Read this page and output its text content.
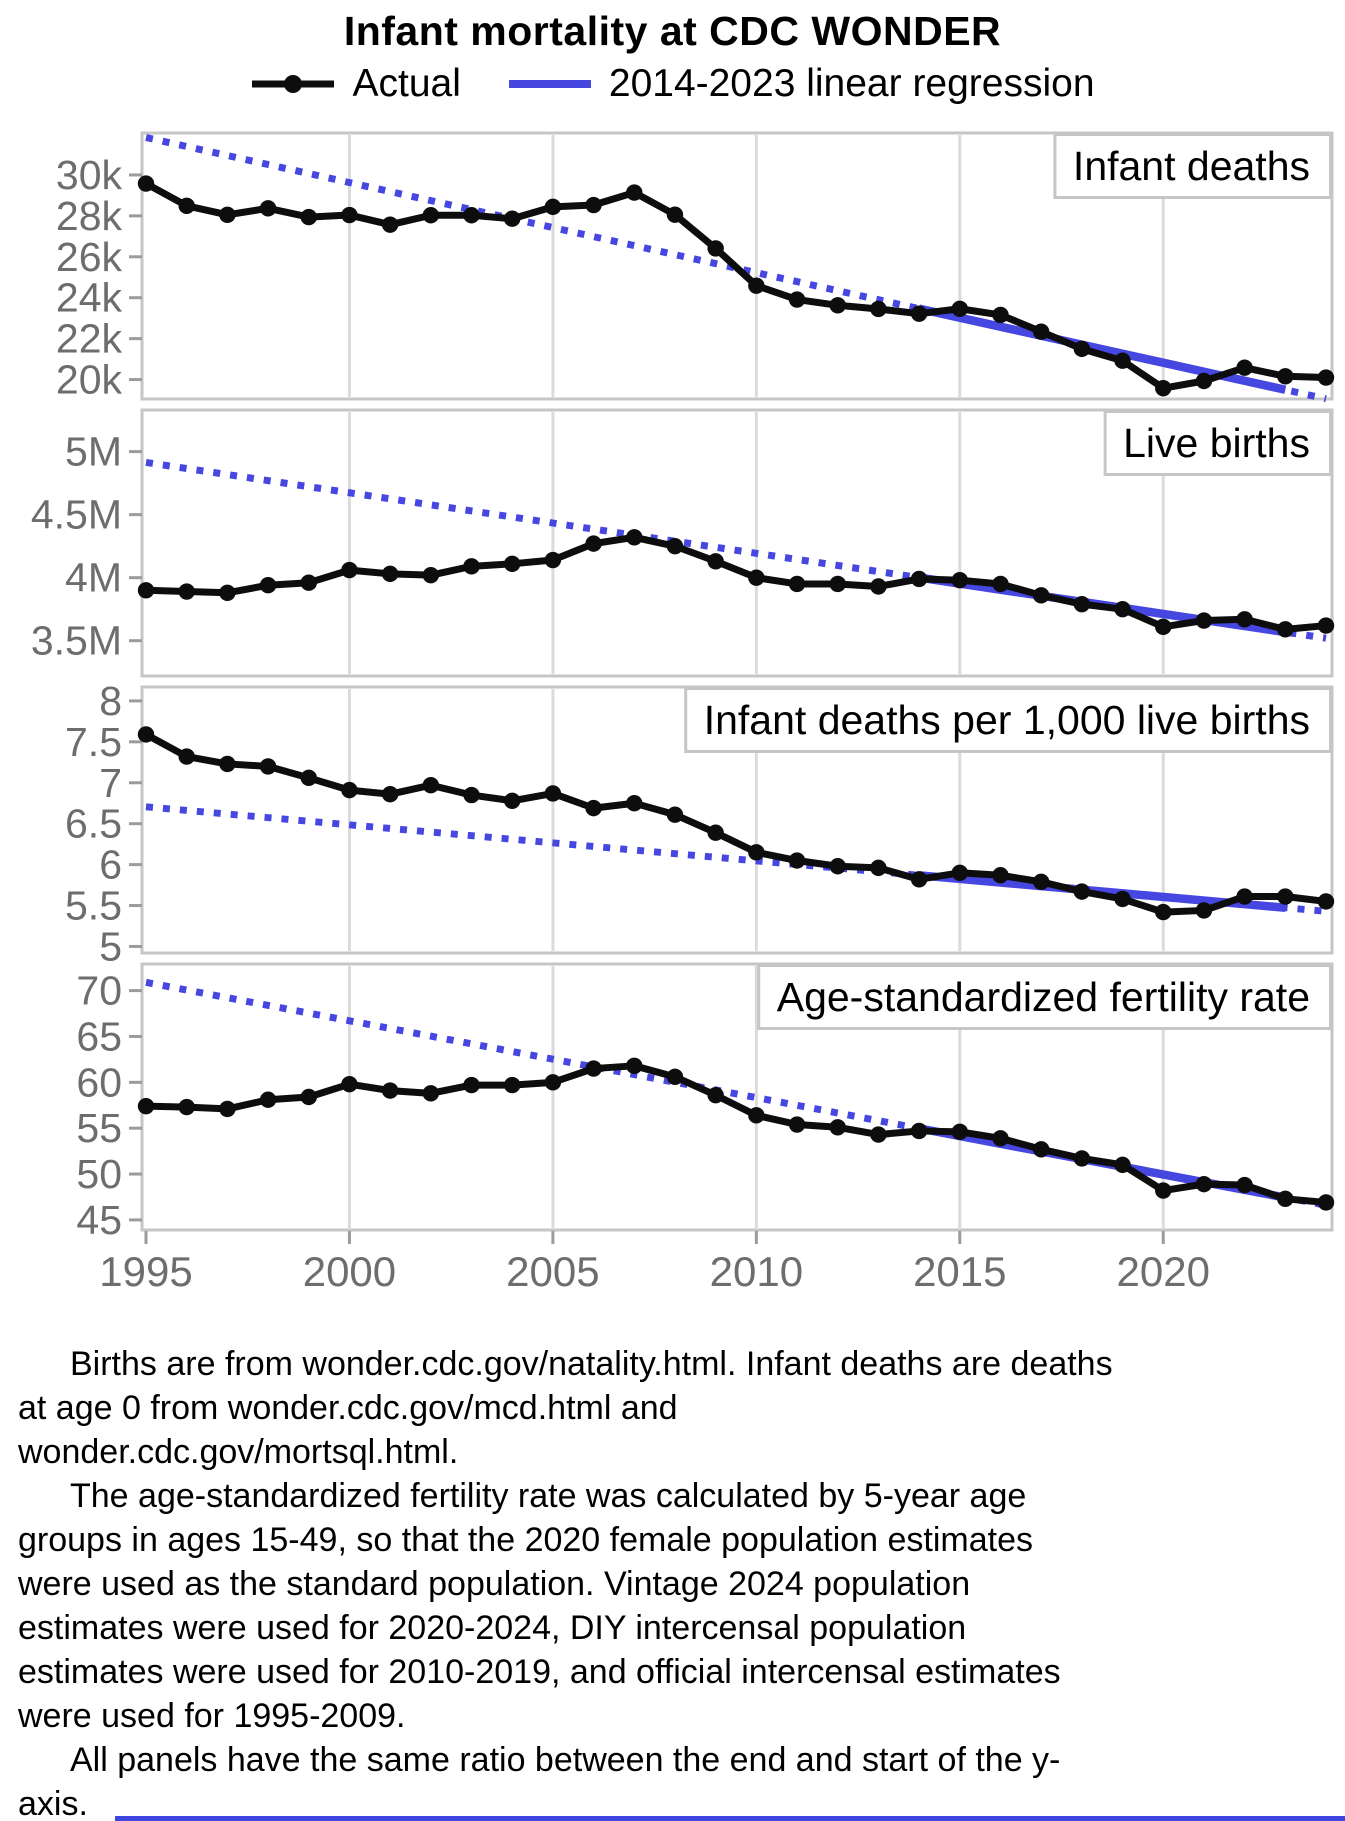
Infant mortality at CDC WONDER
Actual	2014-2023 linear regression
20k
22k
24k
26k
28k
30k	Infant deaths
3.5M
4M
4.5M
5M	Live births
5
5.5
6
6.5
7
7.5
8	Infant deaths per 1,000 live births
45
50
55
60
65
70	Age-standardized fertility rate
1995	2000	2005	2010	2015	2020

Births are from wonder.cdc.gov/natality.html. Infant deaths are deaths at age 0 from wonder.cdc.gov/mcd.html and wonder.cdc.gov/mortsql.html.

The age-standardized fertility rate was calculated by 5-year age groups in ages 15-49, so that the 2020 female population estimates were used as the standard population. Vintage 2024 population estimates were used for 2020-2024, DIY intercensal population estimates were used for 2010-2019, and official intercensal estimates were used for 1995-2009.

All panels have the same ratio between the end and start of the y-axis.
